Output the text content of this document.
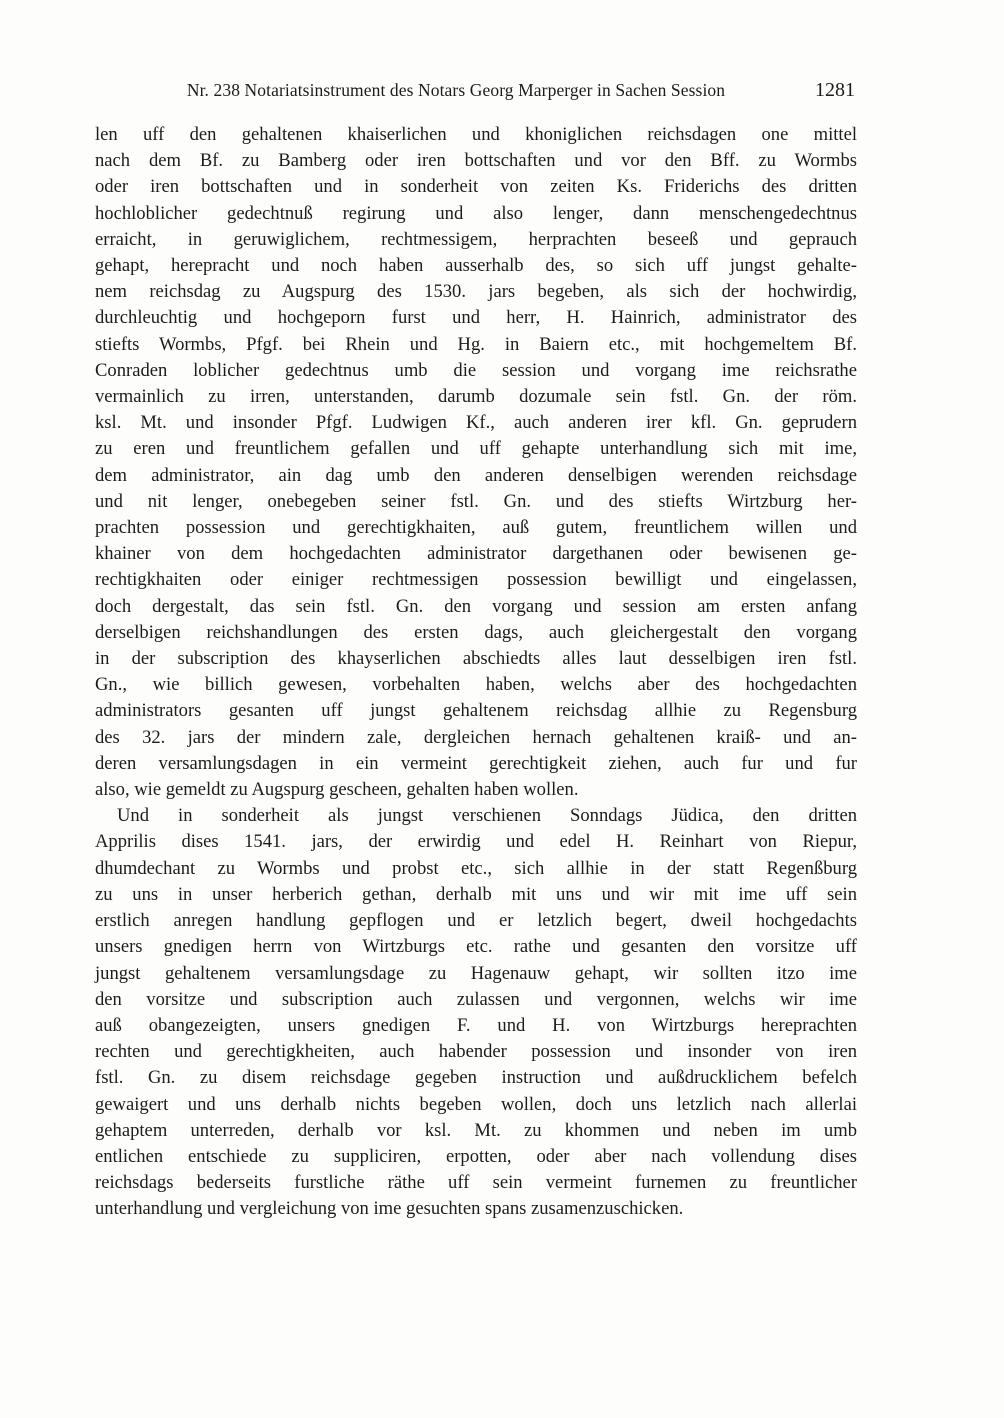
Nr. 238 Notariatsinstrument des Notars Georg Marperger in Sachen Session	1281
len uff den gehaltenen khaiserlichen und khoniglichen reichsdagen one mittel
nach dem Bf. zu Bamberg oder iren bottschaften und vor den Bff. zu Wormbs
oder iren bottschaften und in sonderheit von zeiten Ks. Friderichs des dritten
hochloblicher gedechtnuß regirung und also lenger, dann menschengedechtnus
erraicht, in geruwiglichem, rechtmessigem, herprachten beseeß und geprauch
gehapt, herepracht und noch haben ausserhalb des, so sich uff jungst gehalte-
nem reichsdag zu Augspurg des 1530. jars begeben, als sich der hochwirdig,
durchleuchtig und hochgeporn furst und herr, H. Hainrich, administrator des
stiefts Wormbs, Pfgf. bei Rhein und Hg. in Baiern etc., mit hochgemeltem Bf.
Conraden loblicher gedechtnus umb die session und vorgang ime reichsrathe
vermainlich zu irren, unterstanden, darumb dozumale sein fstl. Gn. der röm.
ksl. Mt. und insonder Pfgf. Ludwigen Kf., auch anderen irer kfl. Gn. geprudern
zu eren und freuntlichem gefallen und uff gehapte unterhandlung sich mit ime,
dem administrator, ain dag umb den anderen denselbigen werenden reichsdage
und nit lenger, onebegeben seiner fstl. Gn. und des stiefts Wirtzburg her-
prachten possession und gerechtigkhaiten, auß gutem, freuntlichem willen und
khainer von dem hochgedachten administrator dargethanen oder bewisenen ge-
rechtigkhaiten oder einiger rechtmessigen possession bewilligt und eingelassen,
doch dergestalt, das sein fstl. Gn. den vorgang und session am ersten anfang
derselbigen reichshandlungen des ersten dags, auch gleichergestalt den vorgang
in der subscription des khayserlichen abschiedts alles laut desselbigen iren fstl.
Gn., wie billich gewesen, vorbehalten haben, welchs aber des hochgedachten
administrators gesanten uff jungst gehaltenem reichsdag allhie zu Regensburg
des 32. jars der mindern zale, dergleichen hernach gehaltenen kraiß- und an-
deren versamlungsdagen in ein vermeint gerechtigkeit ziehen, auch fur und fur
also, wie gemeldt zu Augspurg gescheen, gehalten haben wollen.
Und in sonderheit als jungst verschienen Sonndags Jüdica, den dritten
Apprilis dises 1541. jars, der erwirdig und edel H. Reinhart von Riepur,
dhumdechant zu Wormbs und probst etc., sich allhie in der statt Regenßburg
zu uns in unser herberich gethan, derhalb mit uns und wir mit ime uff sein
erstlich anregen handlung gepflogen und er letzlich begert, dweil hochgedachts
unsers gnedigen herrn von Wirtzburgs etc. rathe und gesanten den vorsitze uff
jungst gehaltenem versamlungsdage zu Hagenauw gehapt, wir sollten itzo ime
den vorsitze und subscription auch zulassen und vergonnen, welchs wir ime
auß obangezeigten, unsers gnedigen F. und H. von Wirtzburgs hereprachten
rechten und gerechtigkheiten, auch habender possession und insonder von iren
fstl. Gn. zu disem reichsdage gegeben instruction und außdrucklichem befelch
gewaigert und uns derhalb nichts begeben wollen, doch uns letzlich nach allerlai
gehaptem unterreden, derhalb vor ksl. Mt. zu khommen und neben im umb
entlichen entschiede zu suppliciren, erpotten, oder aber nach vollendung dises
reichsdags bederseits furstliche räthe uff sein vermeint furnemen zu freuntlicher
unterhandlung und vergleichung von ime gesuchten spans zusamenzuschicken.
